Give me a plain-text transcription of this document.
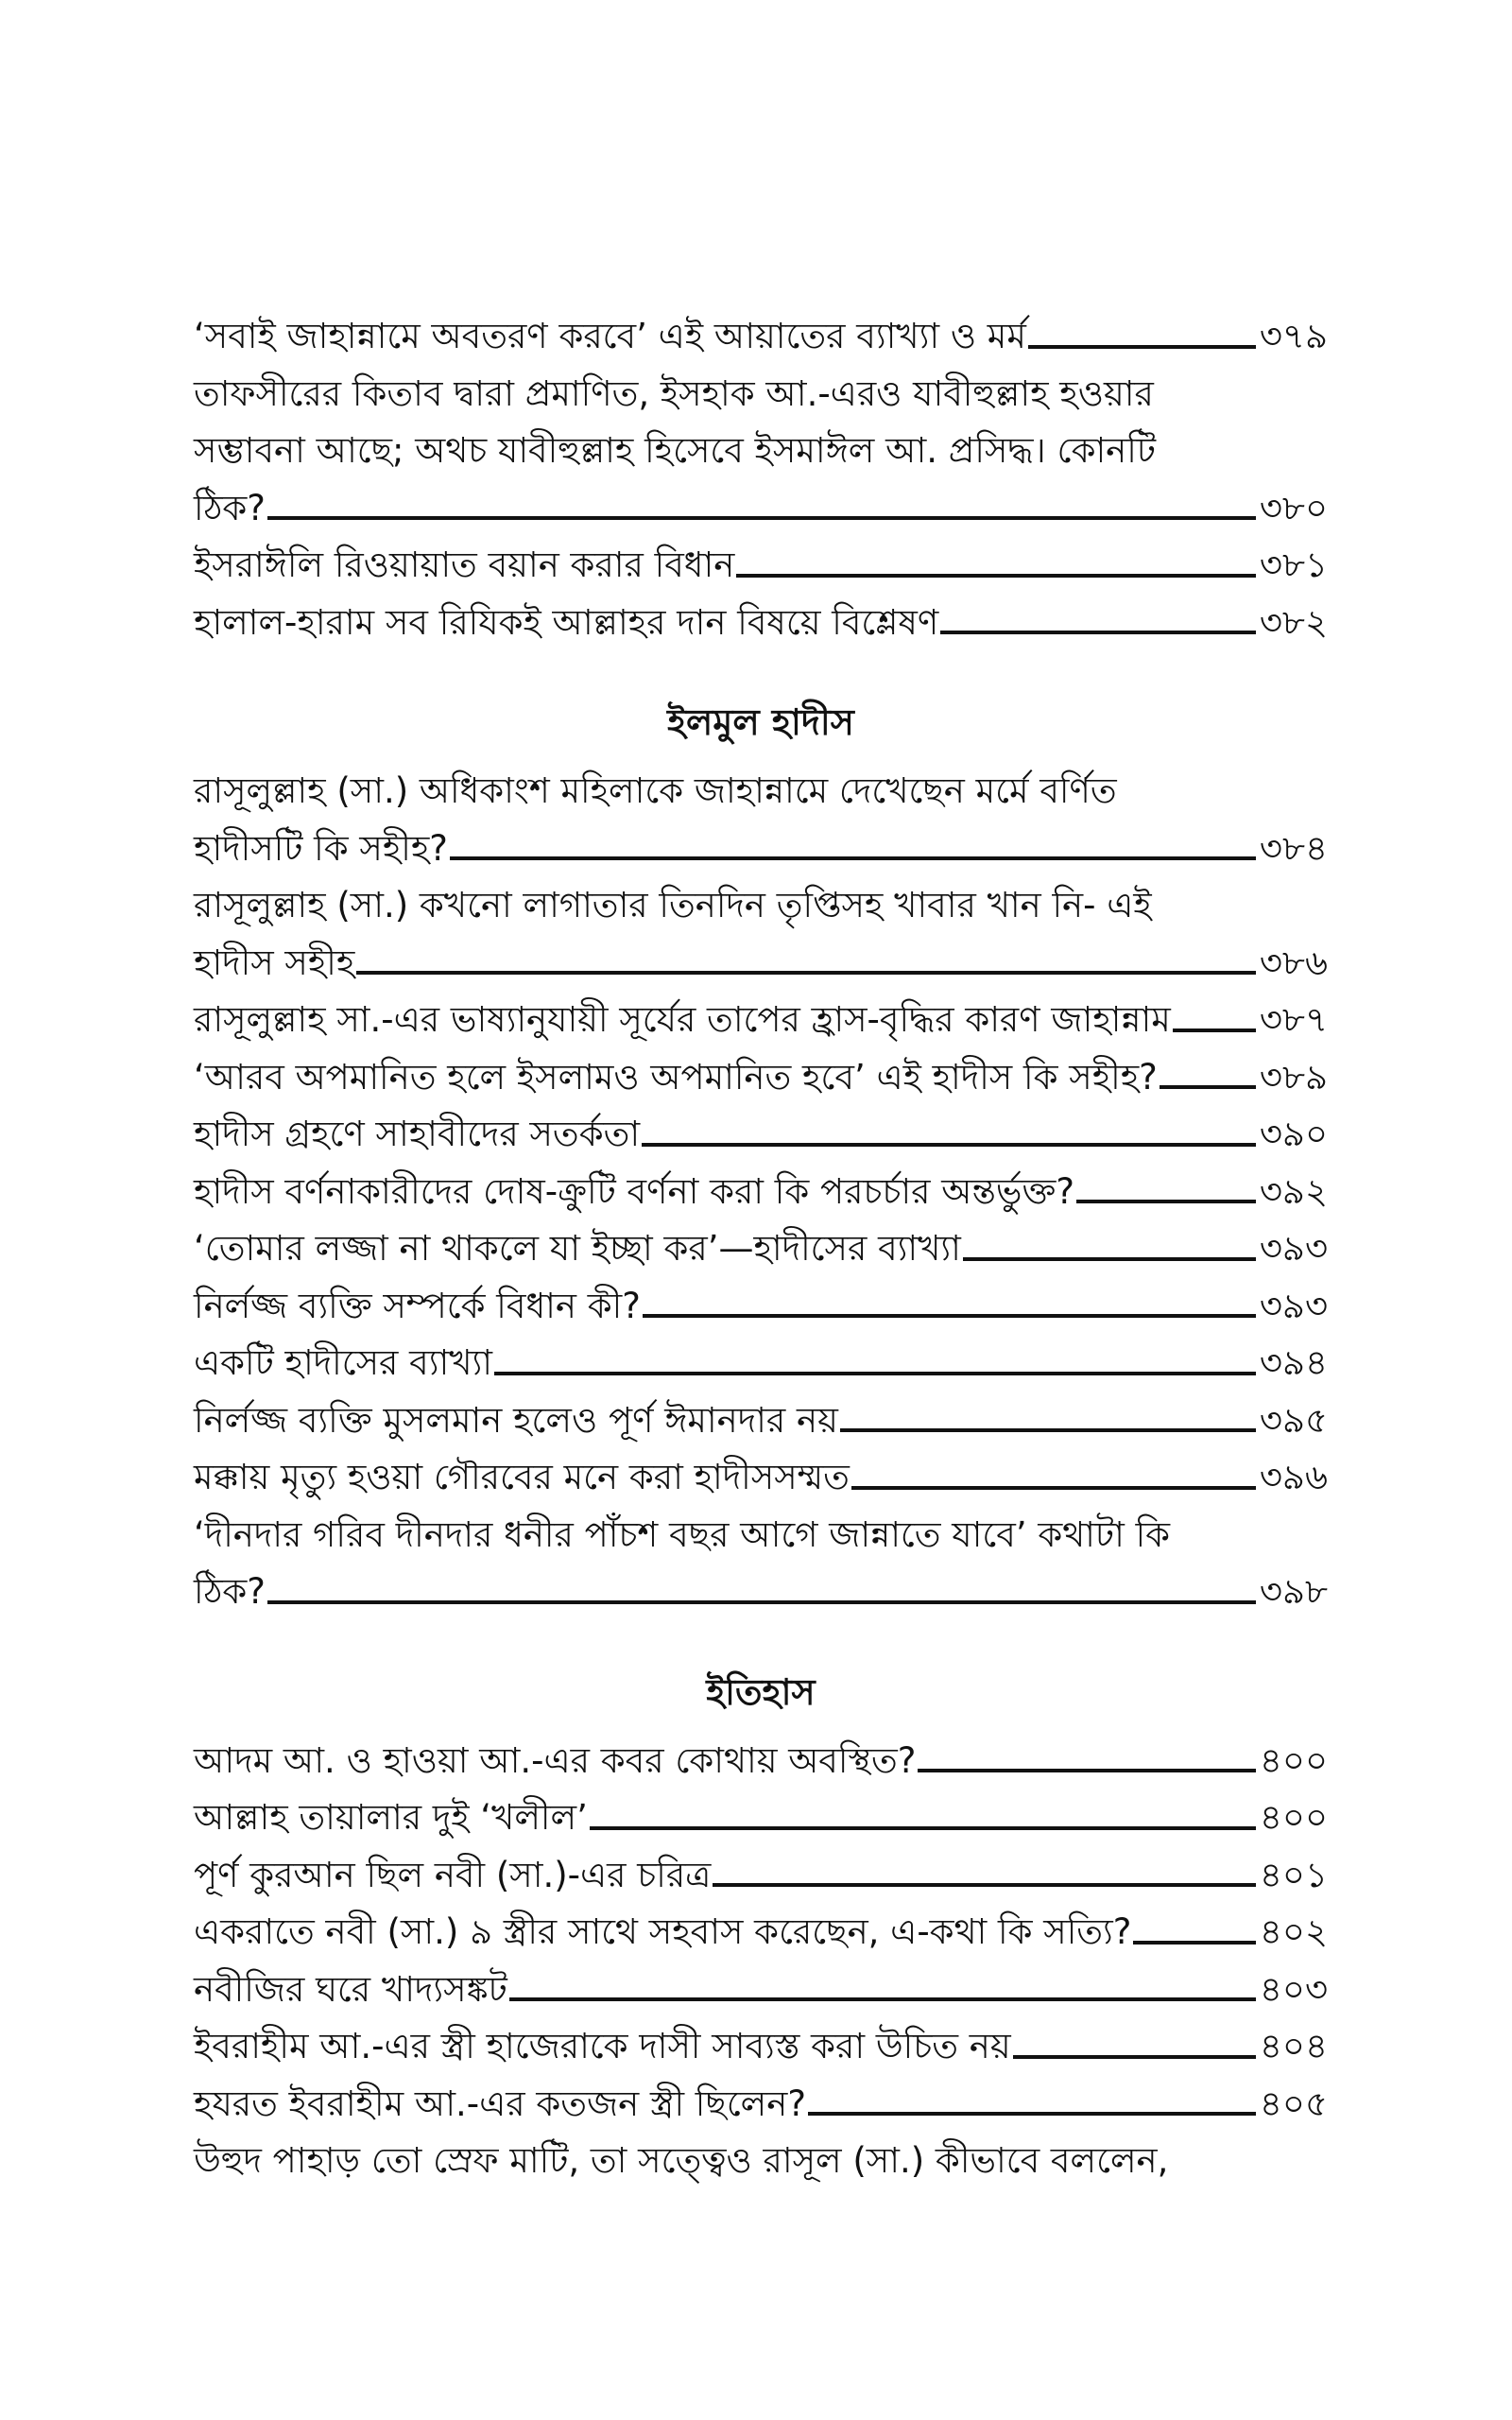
‘সবাই জাহান্নামে অবতরণ করবে’ এই আয়াতের ব্যাখ্যা ও মর্ম	৩৭৯
তাফসীরের কিতাব দ্বারা প্রমাণিত, ইসহাক আ.-এরও যাবীহুল্লাহ হওয়ার
সম্ভাবনা আছে; অথচ যাবীহুল্লাহ হিসেবে ইসমাঈল আ. প্রসিদ্ধ। কোনটি
ঠিক?	৩৮০
ইসরাঈলি রিওয়ায়াত বয়ান করার বিধান	৩৮১
হালাল-হারাম সব রিযিকই আল্লাহর দান বিষয়ে বিশ্লেষণ	৩৮২
ইলমুল হাদীস
রাসূলুল্লাহ (সা.) অধিকাংশ মহিলাকে জাহান্নামে দেখেছেন মর্মে বর্ণিত
হাদীসটি কি সহীহ?	৩৮৪
রাসূলুল্লাহ (সা.) কখনো লাগাতার তিনদিন তৃপ্তিসহ খাবার খান নি- এই
হাদীস সহীহ	৩৮৬
রাসূলুল্লাহ সা.-এর ভাষ্যানুযায়ী সূর্যের তাপের হ্রাস-বৃদ্ধির কারণ জাহান্নাম	৩৮৭
‘আরব অপমানিত হলে ইসলামও অপমানিত হবে’ এই হাদীস কি সহীহ?	৩৮৯
হাদীস গ্রহণে সাহাবীদের সতর্কতা	৩৯০
হাদীস বর্ণনাকারীদের দোষ-ক্রুটি বর্ণনা করা কি পরচর্চার অন্তর্ভুক্ত?	৩৯২
‘তোমার লজ্জা না থাকলে যা ইচ্ছা কর’—হাদীসের ব্যাখ্যা	৩৯৩
নির্লজ্জ ব্যক্তি সম্পর্কে বিধান কী?	৩৯৩
একটি হাদীসের ব্যাখ্যা	৩৯৪
নির্লজ্জ ব্যক্তি মুসলমান হলেও পূর্ণ ঈমানদার নয়	৩৯৫
মক্কায় মৃত্যু হওয়া গৌরবের মনে করা হাদীসসম্মত	৩৯৬
‘দীনদার গরিব দীনদার ধনীর পাঁচশ বছর আগে জান্নাতে যাবে’ কথাটা কি
ঠিক?	৩৯৮
ইতিহাস
আদম আ. ও হাওয়া আ.-এর কবর কোথায় অবস্থিত?	৪০০
আল্লাহ তায়ালার দুই ‘খলীল’	৪০০
পূর্ণ কুরআন ছিল নবী (সা.)-এর চরিত্র	৪০১
একরাতে নবী (সা.) ৯ স্ত্রীর সাথে সহবাস করেছেন, এ-কথা কি সত্যি?	৪০২
নবীজির ঘরে খাদ্যসঙ্কট	৪০৩
ইবরাহীম আ.-এর স্ত্রী হাজেরাকে দাসী সাব্যস্ত করা উচিত নয়	৪০৪
হযরত ইবরাহীম আ.-এর কতজন স্ত্রী ছিলেন?	৪০৫
উহুদ পাহাড় তো স্রেফ মাটি, তা সত্ত্বেও রাসূল (সা.) কীভাবে বললেন,
